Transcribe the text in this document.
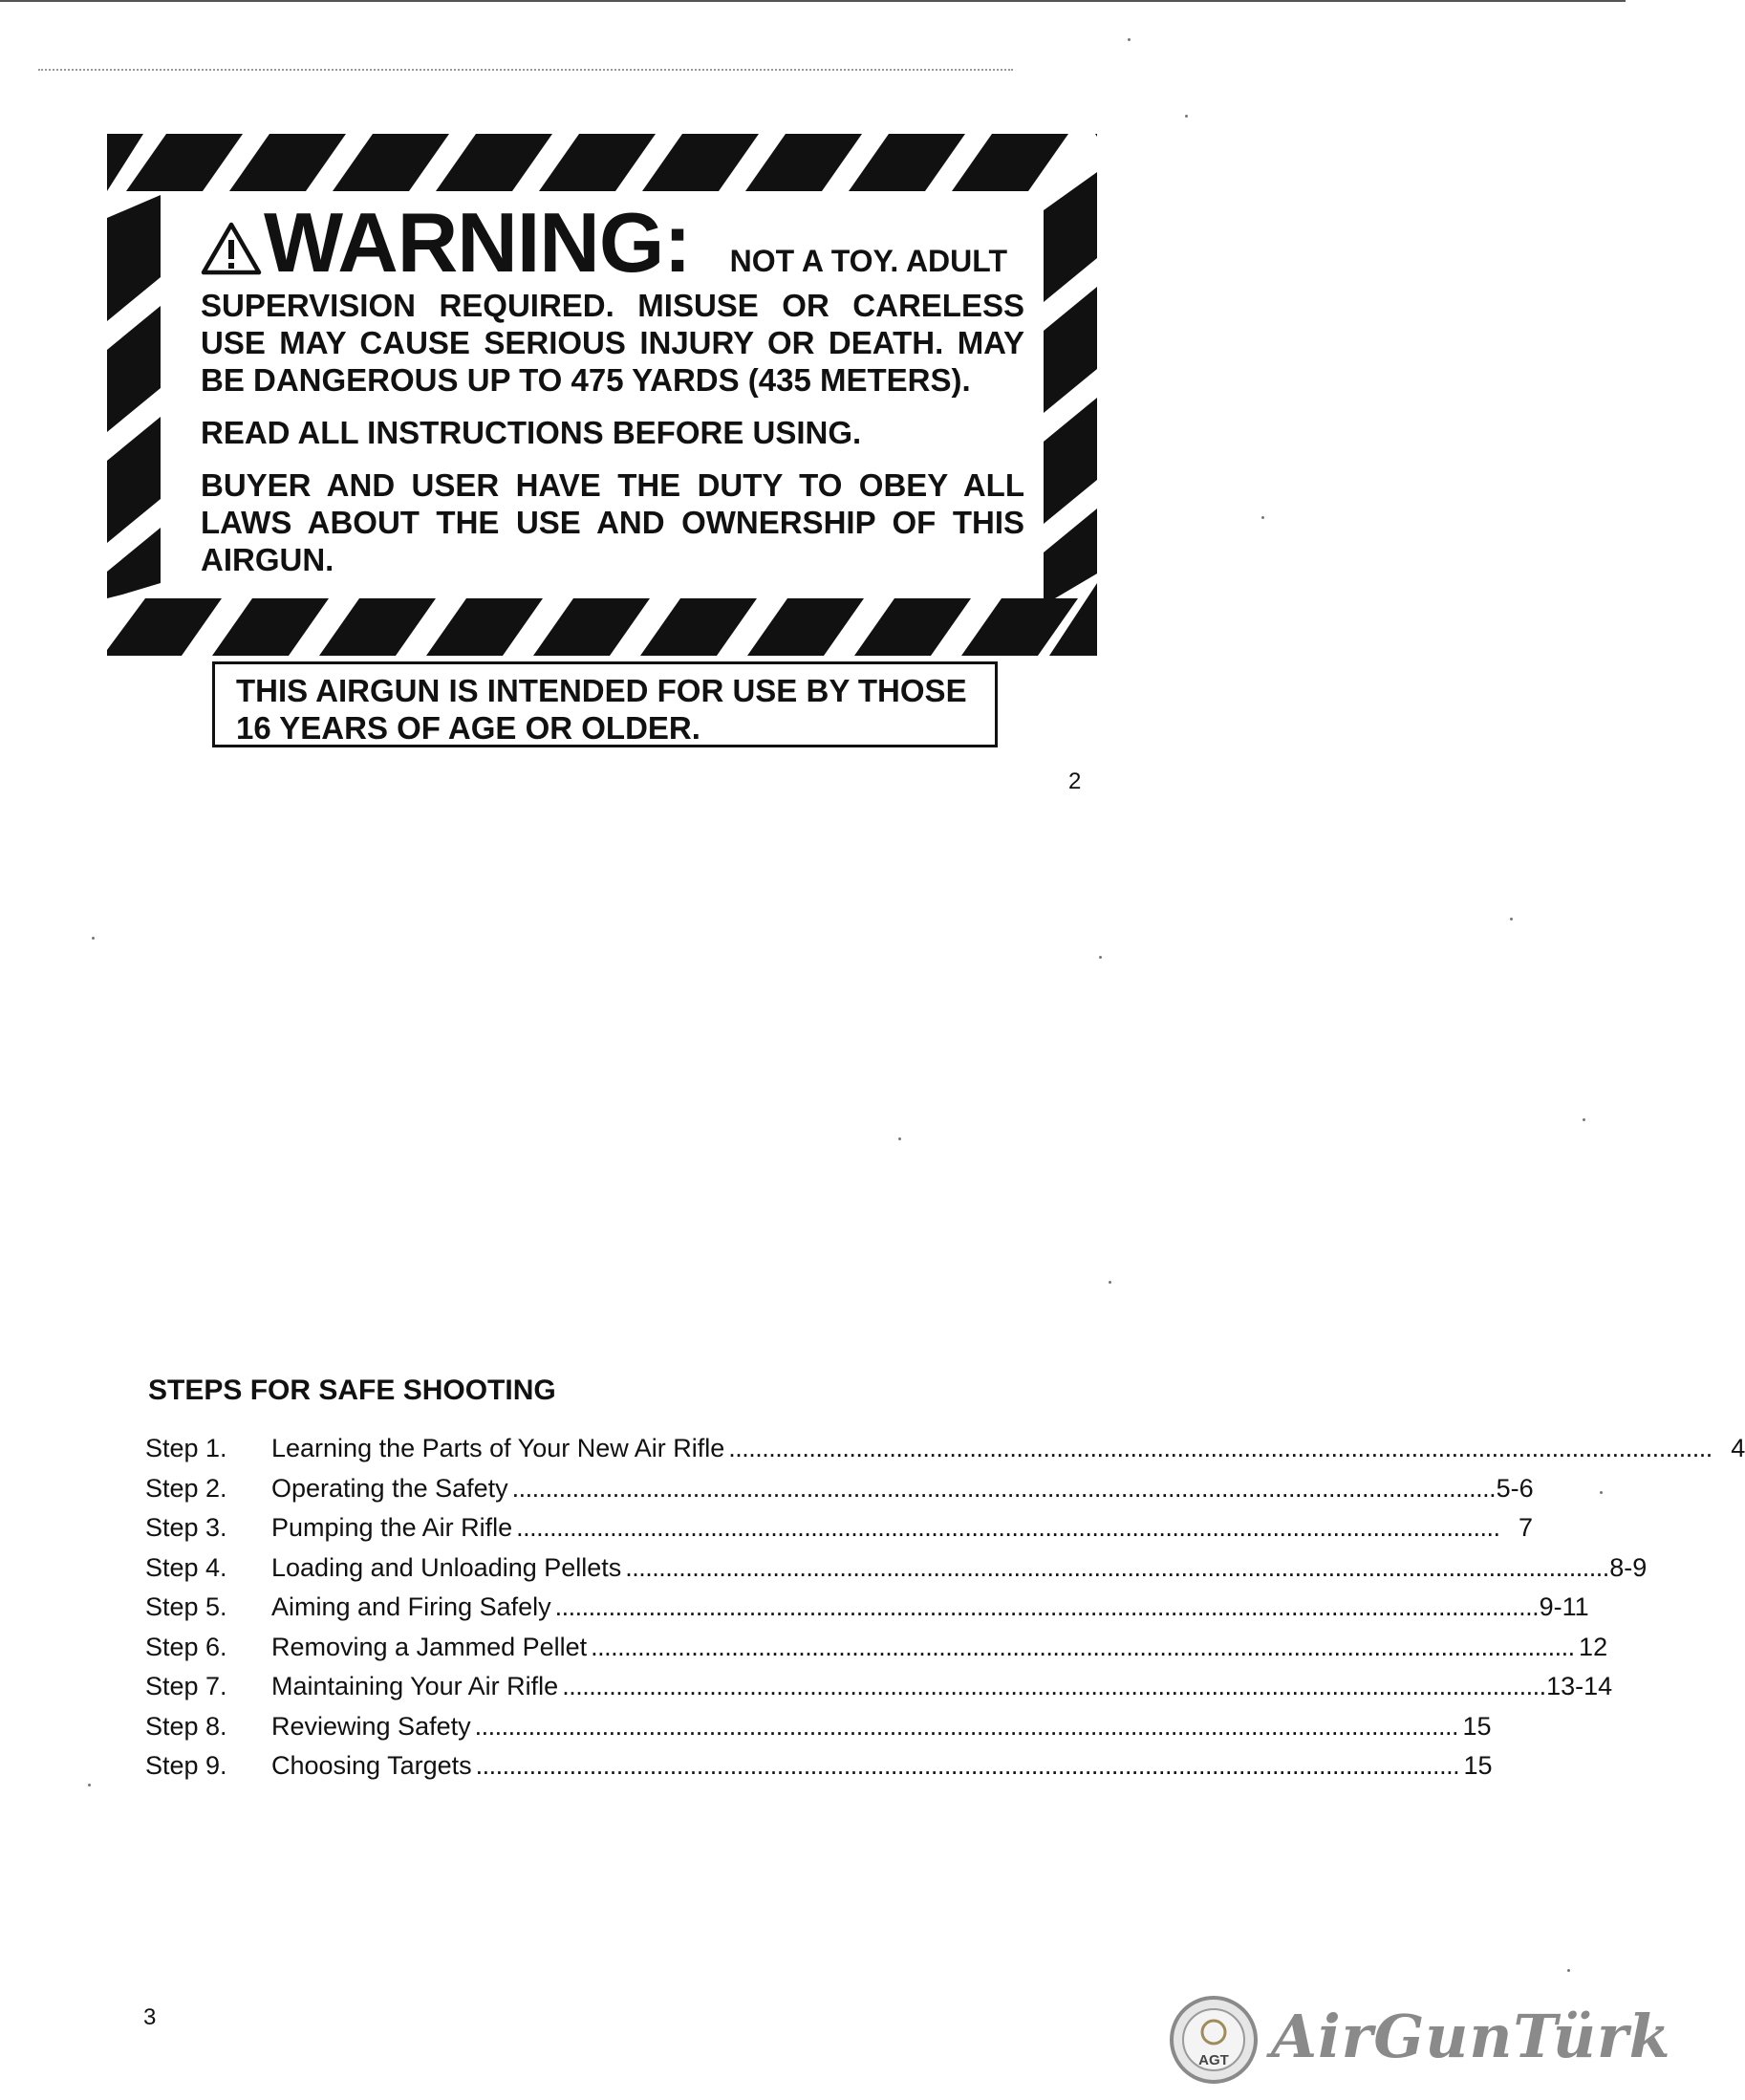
WARNING : NOT A TOY. ADULT

SUPERVISION REQUIRED. MISUSE OR CARELESS USE MAY CAUSE SERIOUS INJURY OR DEATH. MAY BE DANGEROUS UP TO 475 YARDS (435 METERS).

READ ALL INSTRUCTIONS BEFORE USING.

BUYER AND USER HAVE THE DUTY TO OBEY ALL LAWS ABOUT THE USE AND OWNERSHIP OF THIS AIRGUN.

THIS AIRGUN IS INTENDED FOR USE BY THOSE
16 YEARS OF AGE OR OLDER.
2
STEPS FOR SAFE SHOOTING
Step 1.	Learning the Parts of Your New Air Rifle . . .	4
Step 2.	Operating the Safety . . .	5-6
Step 3.	Pumping the Air Rifle . . .	7
Step 4.	Loading and Unloading Pellets . . .	8-9
Step 5.	Aiming and Firing Safely . . .	9-11
Step 6.	Removing a Jammed Pellet . . .	12
Step 7.	Maintaining Your Air Rifle . . .	13-14
Step 8.	Reviewing Safety . . .	15
Step 9.	Choosing Targets . . .	15
3
AGT AirGunTürk
